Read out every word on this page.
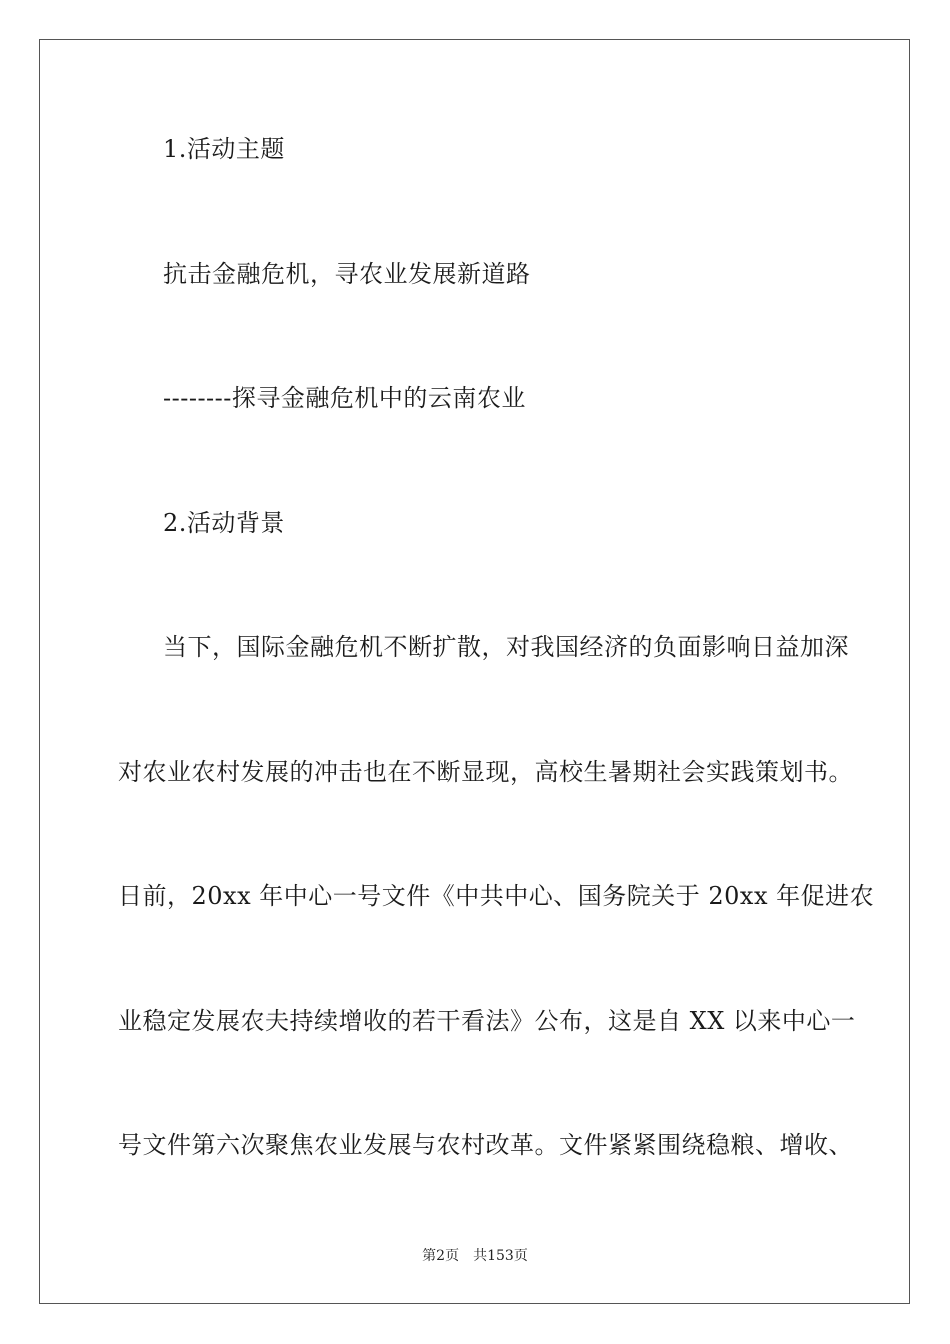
1.活动主题
抗击金融危机，寻农业发展新道路
--------探寻金融危机中的云南农业
2.活动背景
当下，国际金融危机不断扩散，对我国经济的负面影响日益加深
对农业农村发展的冲击也在不断显现，高校生暑期社会实践策划书。
日前，20xx 年中心一号文件《中共中心、国务院关于 20xx 年促进农
业稳定发展农夫持续增收的若干看法》公布，这是自 XX 以来中心一
号文件第六次聚焦农业发展与农村改革。文件紧紧围绕稳粮、增收、
第2页 共153页
